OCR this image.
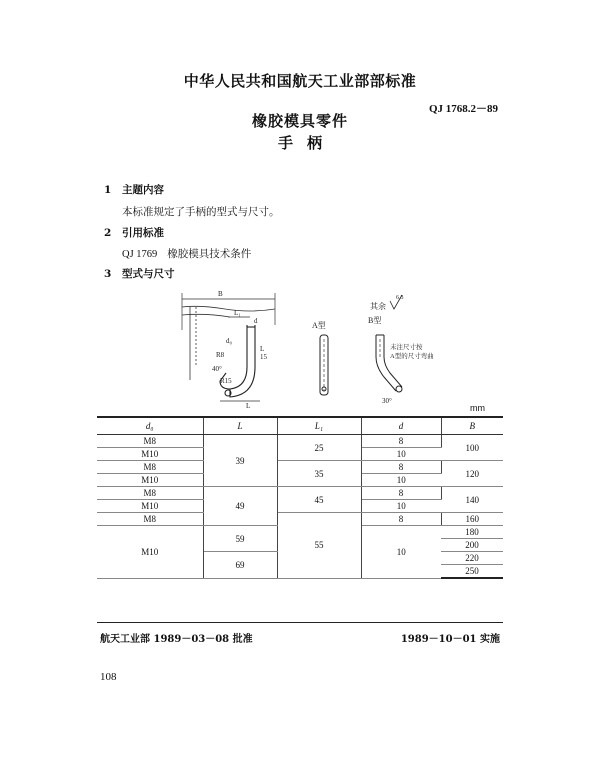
中华人民共和国航天工业部部标准
QJ 1768.2－89
橡胶模具零件
手柄
1 主题内容
本标准规定了手柄的型式与尺寸。
2 引用标准
QJ 1769 橡胶模具技术条件
3 型式与尺寸
B
L₁
d
d₀
L
15
40°
R8
R15
L
A型
B型
其余
6.3
未注尺寸按
A型的尺寸弯曲
30°
mm
d₀	L	L₁	d	B
M8	39	25	8	100
M10			10	
M8		35	8	120
M10			10	
M8	49	45	8	140
M10			10	
M8		55	8	160
M10			10	
	59			180
				200
	69			220
				250
航天工业部 1989－03－08 批准	1989－10－01 实施
108
